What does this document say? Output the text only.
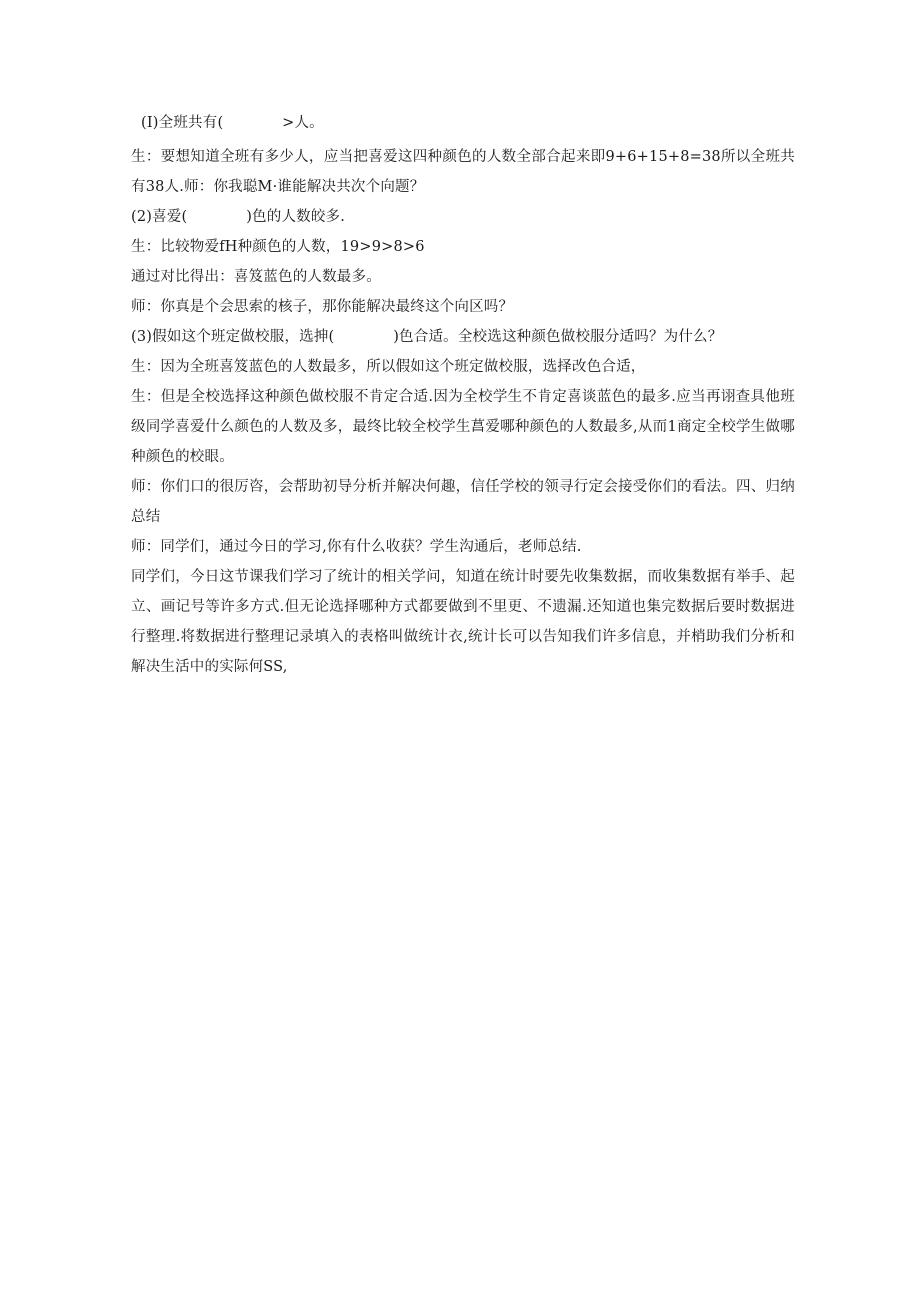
(I)全班共有(　　　　>人。

生：要想知道全班有多少人，应当把喜爱这四种颜色的人数全部合起来即9+6+15+8=38所以全班共有38人.师：你我聪M·谁能解决共次个向题？

(2)喜爱(　　　　)色的人数皎多.

生：比较物爱fH种颜色的人数，19>9>8>6

通过对比得出：喜笈蓝色的人数最多。

师：你真是个会思索的核子，那你能解决最终这个向区吗？

(3)假如这个班定做校服，选抻(　　　　)色合适。全校选这种颜色做校服分适吗？为什么？

生：因为全班喜笈蓝色的人数最多，所以假如这个班定做校服，选择改色合适，

生：但是全校选择这种颜色做校服不肯定合适.因为全校学生不肯定喜谈蓝色的最多.应当再诩查具他班级同学喜爱什么颜色的人数及多，最终比较全校学生菖爱哪种颜色的人数最多,从而1商定全校学生做哪种颜色的校眼。

师：你们口的很厉咨，会帮助初导分析并解决何趣，信任学校的领寻行定会接受你们的看法。四、归纳总结

师：同学们，通过今日的学习,你有什么收获？学生沟通后，老师总结.

同学们，今日这节课我们学习了统计的相关学问，知道在统计时要先收集数据，而收集数据有举手、起立、画记号等许多方式.但无论选择哪种方式都要做到不里更、不遗漏.还知道也集完数据后要时数据进行整理.将数据进行整理记录填入的表格叫做统计衣,统计长可以告知我们许多信息，并梢助我们分析和解决生活中的实际何SS,
